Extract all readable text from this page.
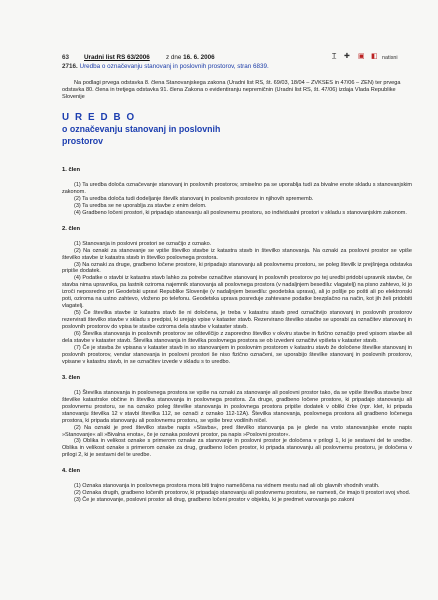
63 Uradni list RS 63/2006	z dne 16. 6. 2006	T̲ ✚ ▣ ◧ natisni
2716. Uredba o označevanju stanovanj in poslovnih prostorov, stran 6839.
Na podlagi prvega odstavka 8. člena Stanovanjskega zakona (Uradni list RS, št. 69/03, 18/04 – ZVKSES in 47/06 – ZEN) ter prvega odstavka 80. člena in tretjega odstavka 91. člena Zakona o evidentiranju nepremičnin (Uradni list RS, št. 47/06) izdaja Vlada Republike Slovenije
U R E D B O
o označevanju stanovanj in poslovnih
prostorov
1. člen

(1) Ta uredba določa označevanje stanovanj in poslovnih prostorov, smiselno pa se uporablja tudi za bivalne enote skladu s stanovanjskim zakonom.

(2) Ta uredba določa tudi dodeljanje številk stanovanj in poslovnih prostorov in njihovih sprememb.

(3) Ta uredba se ne uporablja za stavbe z enim delom.

(4) Gradbeno ločeni prostori, ki pripadajo stanovanju ali poslovnemu prostoru, so individualni prostori v skladu s stanovanjskim zakonom.

2. člen

(1) Stanovanja in poslovni prostori se označijo z oznako.

(2) Na oznaki za stanovanje se vpiše številko stavbe iz katastra stavb in številko stanovanja. Na oznaki za poslovni prostor se vpiše številko stavbe iz katastra stavb in številko poslovnega prostora.

(3) Na oznaki za druge, gradbeno ločene prostore, ki pripadajo stanovanju ali poslovnemu prostoru, se poleg številk iz prejšnjega odstavka pripiše dodatek.

(4) Podatke o stavbi iz katastra stavb lahko za potrebe označitve stanovanj in poslovnih prostorov po tej uredbi pridobi upravnik stavbe, če stavba nima upravnika, pa lastnik oziroma najemnik stanovanja ali poslovnega prostora (v nadaljnjem besedilu: vlagatelj) na pisno zahtevo, ki jo izroči neposredno pri Geodetski upravi Republike Slovenije (v nadaljnjem besedilu: geodetska uprava), ali jo pošlje po pošti ali po elektronski poti, oziroma na ustno zahtevo, vloženo po telefonu. Geodetska uprava posreduje zahtevane podatke brezplačno na način, kot jih želi pridobiti vlagatelj.

(5) Če številka stavbe iz katastra stavb še ni določena, je treba v katastru stavb pred označitvijo stanovanj in poslovnih prostorov rezervirati številko stavbe v skladu s predpisi, ki urejajo vpise v kataster stavb. Rezervirano številko stavbe se uporabi za označitev stanovanj in poslovnih prostorov do vpisa te stavbe oziroma dela stavbe v kataster stavb.

(6) Številka stanovanja in poslovnih prostorov se oštevilčijo z zaporedno številko v okviru stavbe in fizično označijo pred vpisom stavbe ali dela stavbe v kataster stavb. Številka stanovanja in številka poslovnega prostora se ob izvedeni označitvi vpišeta v kataster stavb.

(7) Če je stavba že vpisana v kataster stavb in so stanovanjem in poslovnim prostorom v katastru stavb že določene številke stanovanj in poslovnih prostorov, vendar stanovanja in poslovni prostori še niso fizično označeni, se uporabijo številke stanovanj in poslovnih prostorov, vpisane v katastru stavb, in se označitev izvede v skladu s to uredbo.

3. člen

(1) Številka stanovanja in poslovnega prostora se vpiše na oznaki za stanovanje ali poslovni prostor tako, da se vpiše številka stavbe brez številke katastrske občine in številka stanovanja in poslovnega prostora. Za druge, gradbeno ločene prostore, ki pripadajo stanovanju ali poslovnemu prostoru, se na oznako poleg številke stanovanja in poslovnega prostora pripiše dodatek v obliki črke (npr. klet, ki pripada stanovanju številka 12 v stavbi številka 112, se označi z oznako 112-12A). Številka stanovanja, poslovnega prostora ali gradbeno ločenega prostora, ki pripada stanovanju ali poslovnemu prostoru, se vpiše brez vodilnih ničel.

(2) Na oznaki je pred številko stavbe napis »Stavba«, pred številko stanovanja pa je glede na vrsto stanovanjske enote napis »Stanovanje« ali »Bivalna enota«, če je oznaka poslovni prostor, pa napis »Poslovni prostor«.

(3) Oblika in velikost oznake s primerom oznake za stanovanje in poslovni prostor je določena v prilogi 1, ki je sestavni del te uredbe. Oblika in velikost oznake s primerom oznake za drug, gradbeno ločen prostor, ki pripada stanovanju ali poslovnemu prostoru, je določena v prilogi 2, ki je sestavni del te uredbe.

4. člen

(1) Oznaka stanovanja in poslovnega prostora mora biti trajno nameščena na vidnem mestu nad ali ob glavnih vhodnih vratih.

(2) Oznaka drugih, gradbeno ločenih prostorov, ki pripadajo stanovanju ali poslovnemu prostoru, se namesti, če imajo ti prostori svoj vhod.

(3) Če je stanovanje, poslovni prostor ali drug, gradbeno ločeni prostor v objektu, ki je predmet varovanja po zakoni
